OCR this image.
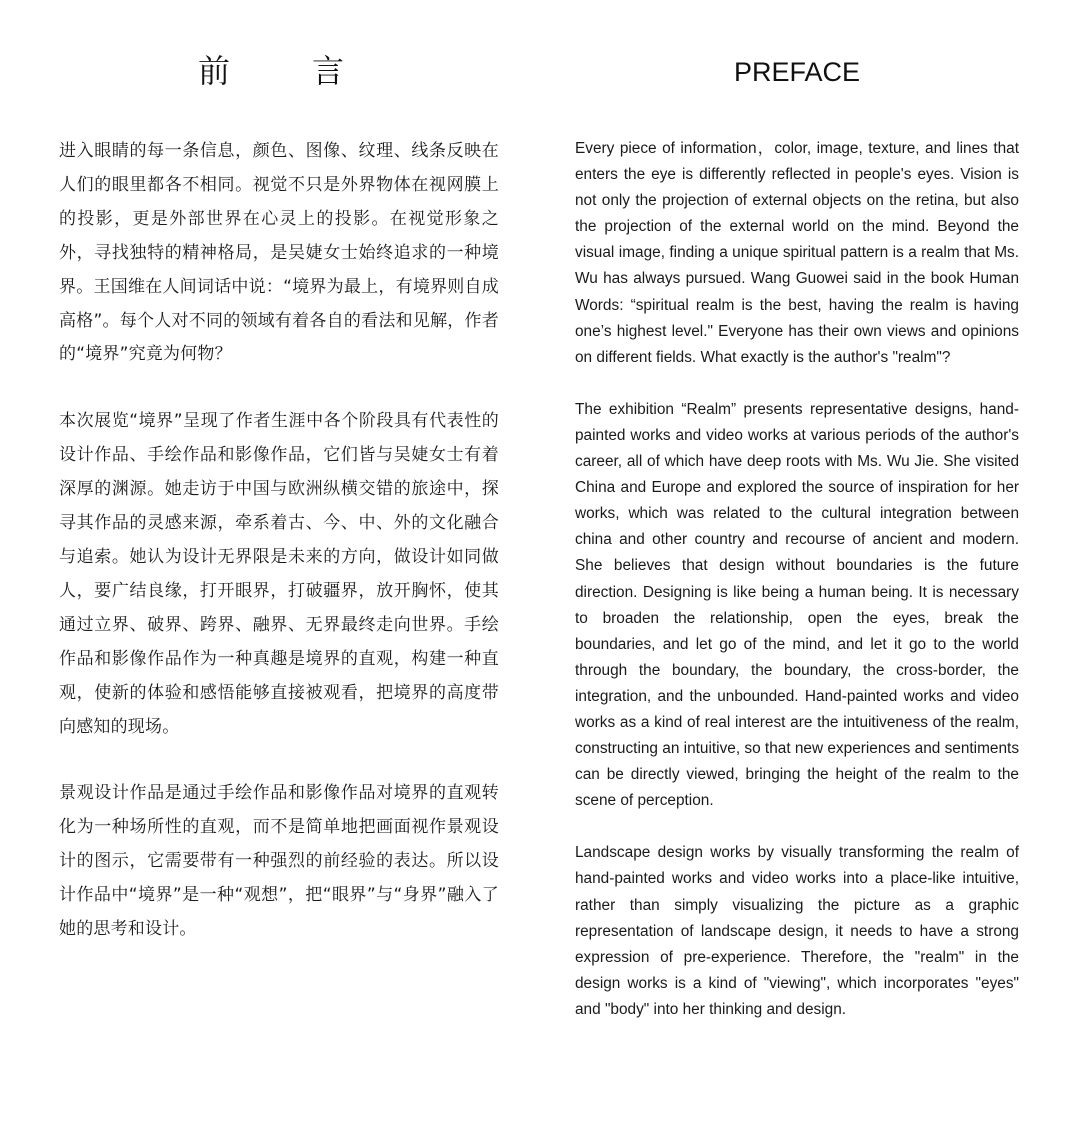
前	言

进入眼睛的每一条信息，颜色、图像、纹理、线条反映在人们的眼里都各不相同。视觉不只是外界物体在视网膜上的投影，更是外部世界在心灵上的投影。在视觉形象之外，寻找独特的精神格局，是吴婕女士始终追求的一种境界。王国维在人间词话中说：“境界为最上，有境界则自成高格”。每个人对不同的领域有着各自的看法和见解，作者的“境界”究竟为何物？

本次展览“境界”呈现了作者生涯中各个阶段具有代表性的设计作品、手绘作品和影像作品，它们皆与吴婕女士有着深厚的渊源。她走访于中国与欧洲纵横交错的旅途中，探寻其作品的灵感来源，牵系着古、今、中、外的文化融合与追索。她认为设计无界限是未来的方向，做设计如同做人，要广结良缘，打开眼界，打破疆界，放开胸怀，使其通过立界、破界、跨界、融界、无界最终走向世界。手绘作品和影像作品作为一种真趣是境界的直观，构建一种直观，使新的体验和感悟能够直接被观看，把境界的高度带向感知的现场。

景观设计作品是通过手绘作品和影像作品对境界的直观转化为一种场所性的直观，而不是简单地把画面视作景观设计的图示，它需要带有一种强烈的前经验的表达。所以设计作品中“境界”是一种“观想”，把“眼界”与“身界”融入了她的思考和设计。

PREFACE

Every piece of information，color, image, texture, and lines that enters the eye is differently reflected in people's eyes. Vision is not only the projection of external objects on the retina, but also the projection of the external world on the mind. Beyond the visual image, finding a unique spiritual pattern is a realm that Ms. Wu has always pursued. Wang Guowei said in the book Human Words: “spiritual realm is the best, having the realm is having one’s highest level." Everyone has their own views and opinions on different fields. What exactly is the author's "realm"?

The exhibition “Realm” presents representative designs, hand-painted works and video works at various periods of the author's career, all of which have deep roots with Ms. Wu Jie. She visited China and Europe and explored the source of inspiration for her works, which was related to the cultural integration between china and other country and recourse of ancient and modern. She believes that design without boundaries is the future direction. Designing is like being a human being. It is necessary to broaden the relationship, open the eyes, break the boundaries, and let go of the mind, and let it go to the world through the boundary, the boundary, the cross-border, the integration, and the unbounded. Hand-painted works and video works as a kind of real interest are the intuitiveness of the realm, constructing an intuitive, so that new experiences and sentiments can be directly viewed, bringing the height of the realm to the scene of perception.

Landscape design works by visually transforming the realm of hand-painted works and video works into a place-like intuitive, rather than simply visualizing the picture as a graphic representation of landscape design, it needs to have a strong expression of pre-experience. Therefore, the "realm" in the design works is a kind of "viewing", which incorporates "eyes" and "body" into her thinking and design.
